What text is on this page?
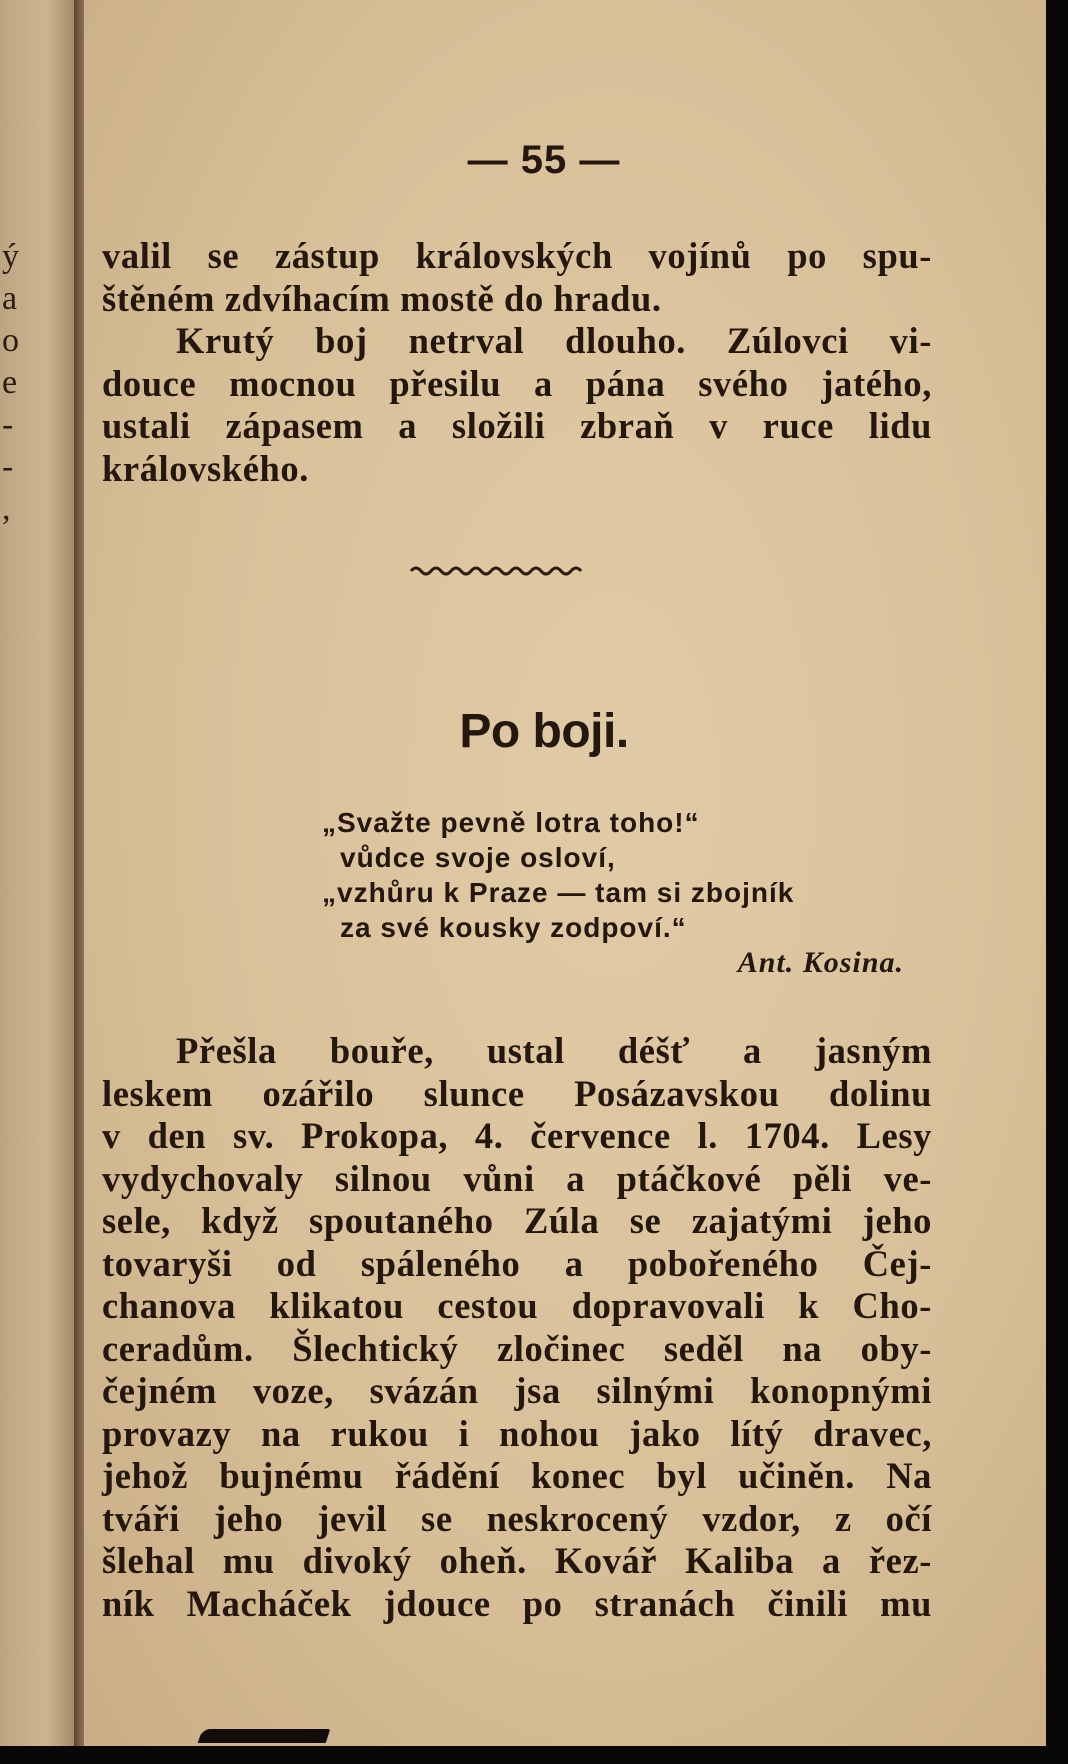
ý
a
o
e
-
-
,
— 55 —
valil se zástup královských vojínů po spu-
štěném zdvíhacím mostě do hradu.
Krutý boj netrval dlouho. Zúlovci vi-
douce mocnou přesilu a pána svého jatého,
ustali zápasem a složili zbraň v ruce lidu
královského.
Po boji.
„Svažte pevně lotra toho!“
vůdce svoje osloví,
„vzhůru k Praze — tam si zbojník
za své kousky zodpoví.“
Ant. Kosina.
Přešla bouře, ustal déšť a jasným
leskem ozářilo slunce Posázavskou dolinu
v den sv. Prokopa, 4. července l. 1704. Lesy
vydychovaly silnou vůni a ptáčkové pěli ve-
sele, když spoutaného Zúla se zajatými jeho
tovaryši od spáleného a pobořeného Čej-
chanova klikatou cestou dopravovali k Cho-
ceradům. Šlechtický zločinec seděl na oby-
čejném voze, svázán jsa silnými konopnými
provazy na rukou i nohou jako lítý dravec,
jehož bujnému řádění konec byl učiněn. Na
tváři jeho jevil se neskrocený vzdor, z očí
šlehal mu divoký oheň. Kovář Kaliba a řez-
ník Macháček jdouce po stranách činili mu
